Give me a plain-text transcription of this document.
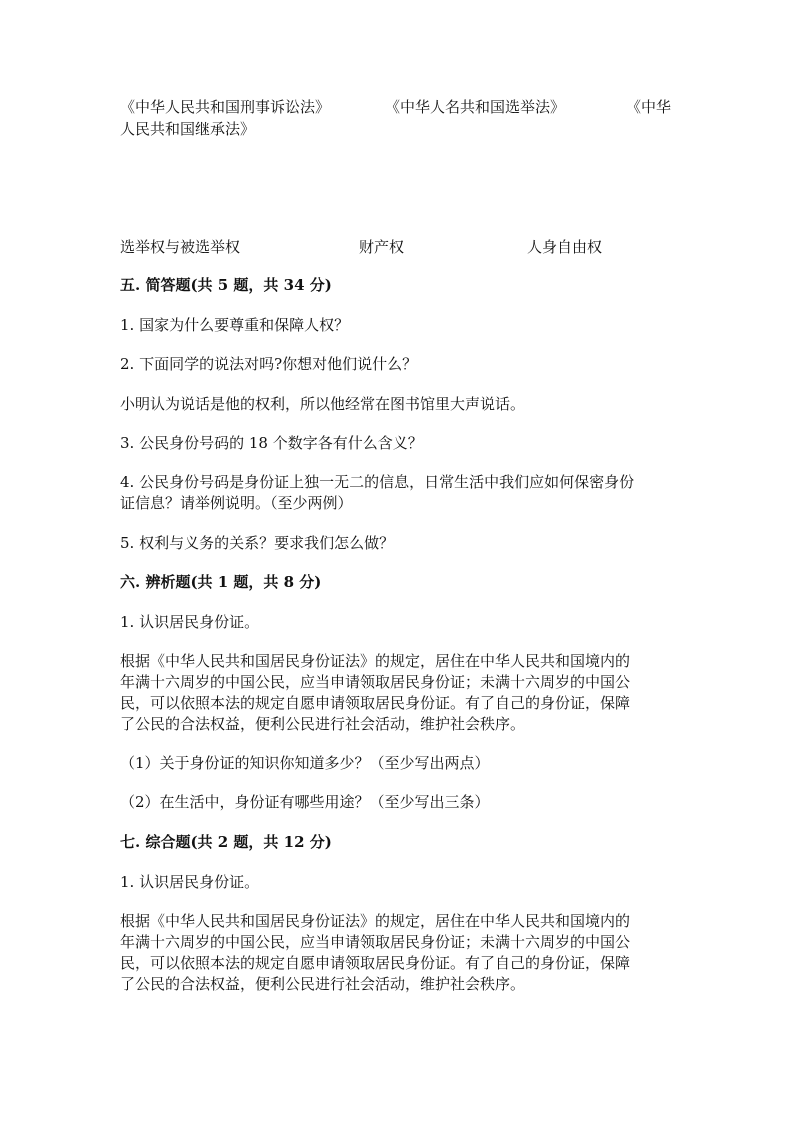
《中华人民共和国刑事诉讼法》	《中华人名共和国选举法》	《中华
人民共和国继承法》
选举权与被选举权	财产权	人身自由权
五. 简答题(共 5 题，共 34 分)
1. 国家为什么要尊重和保障人权？
2. 下面同学的说法对吗?你想对他们说什么？
小明认为说话是他的权利，所以他经常在图书馆里大声说话。
3. 公民身份号码的 18 个数字各有什么含义？
4. 公民身份号码是身份证上独一无二的信息，日常生活中我们应如何保密身份
证信息？请举例说明。（至少两例）
5. 权利与义务的关系？要求我们怎么做？
六. 辨析题(共 1 题，共 8 分)
1. 认识居民身份证。
根据《中华人民共和国居民身份证法》的规定，居住在中华人民共和国境内的
年满十六周岁的中国公民，应当申请领取居民身份证；未满十六周岁的中国公
民，可以依照本法的规定自愿申请领取居民身份证。有了自己的身份证，保障
了公民的合法权益，便利公民进行社会活动，维护社会秩序。
（1）关于身份证的知识你知道多少？（至少写出两点）
（2）在生活中，身份证有哪些用途？（至少写出三条）
七. 综合题(共 2 题，共 12 分)
1. 认识居民身份证。
根据《中华人民共和国居民身份证法》的规定，居住在中华人民共和国境内的
年满十六周岁的中国公民，应当申请领取居民身份证；未满十六周岁的中国公
民，可以依照本法的规定自愿申请领取居民身份证。有了自己的身份证，保障
了公民的合法权益，便利公民进行社会活动，维护社会秩序。
